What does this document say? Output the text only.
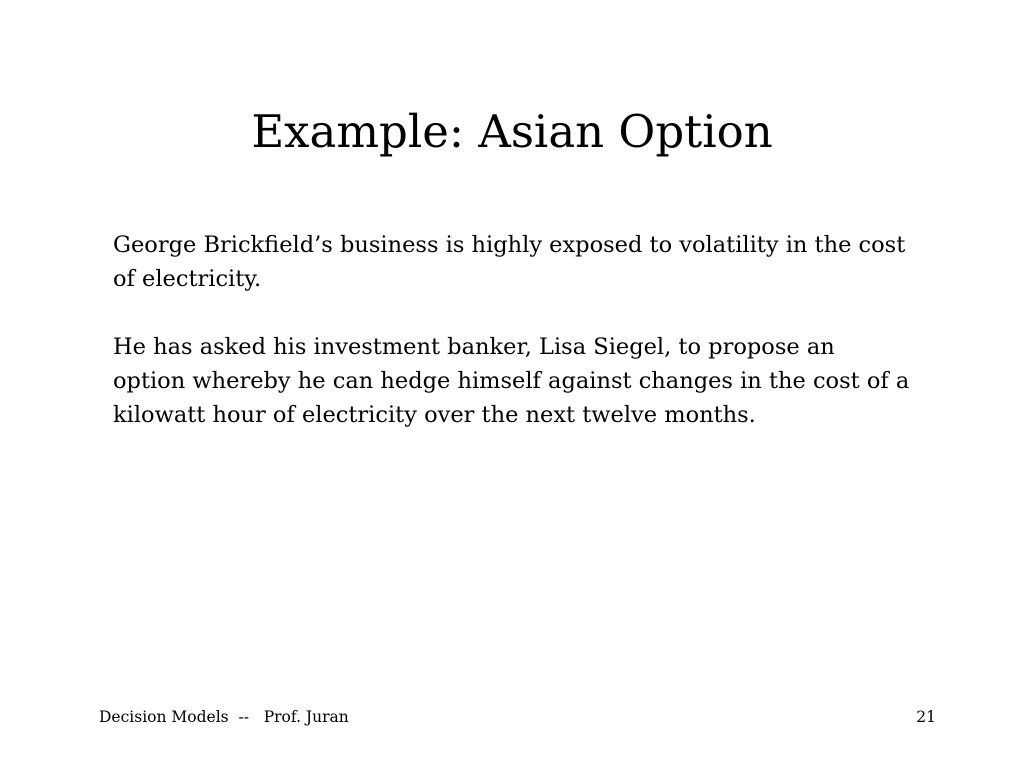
Example: Asian Option

George Brickfield’s business is highly exposed to volatility in the cost of electricity.

He has asked his investment banker, Lisa Siegel, to propose an option whereby he can hedge himself against changes in the cost of a kilowatt hour of electricity over the next twelve months.

Decision Models  --   Prof. Juran	21
